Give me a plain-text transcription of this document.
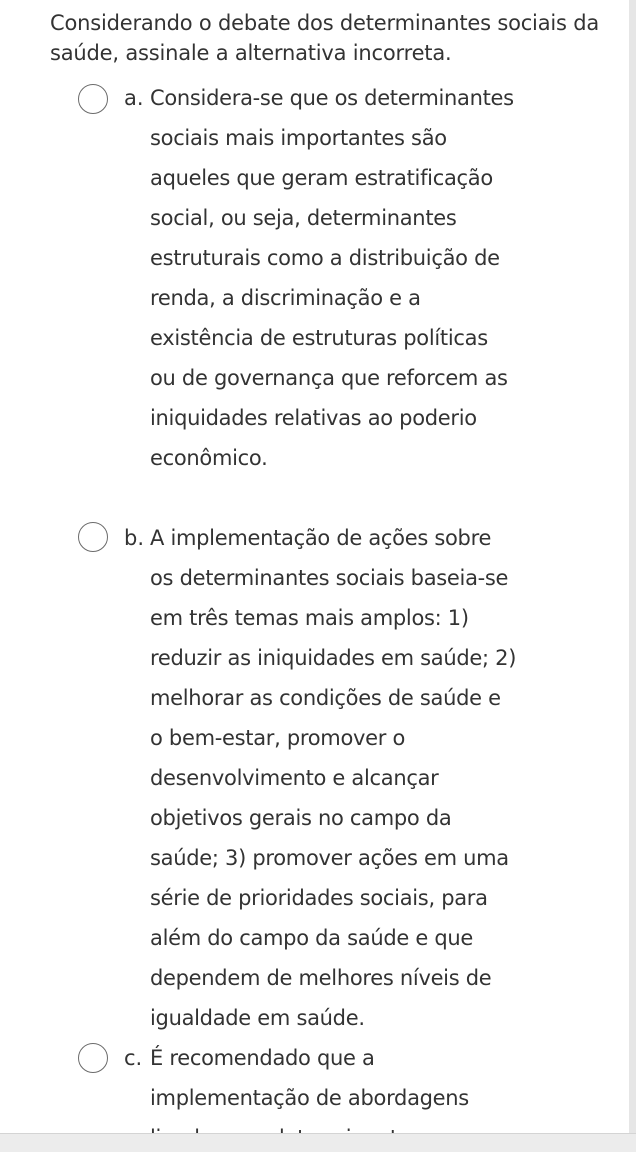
Considerando o debate dos determinantes sociais da saúde, assinale a alternativa incorreta.
a. Considera-se que os determinantes sociais mais importantes são aqueles que geram estratificação social, ou seja, determinantes estruturais como a distribuição de renda, a discriminação e a existência de estruturas políticas ou de governança que reforcem as iniquidades relativas ao poderio econômico.
b. A implementação de ações sobre os determinantes sociais baseia-se em três temas mais amplos: 1) reduzir as iniquidades em saúde; 2) melhorar as condições de saúde e o bem-estar, promover o desenvolvimento e alcançar objetivos gerais no campo da saúde; 3) promover ações em uma série de prioridades sociais, para além do campo da saúde e que dependem de melhores níveis de igualdade em saúde.
c. É recomendado que a implementação de abordagens
